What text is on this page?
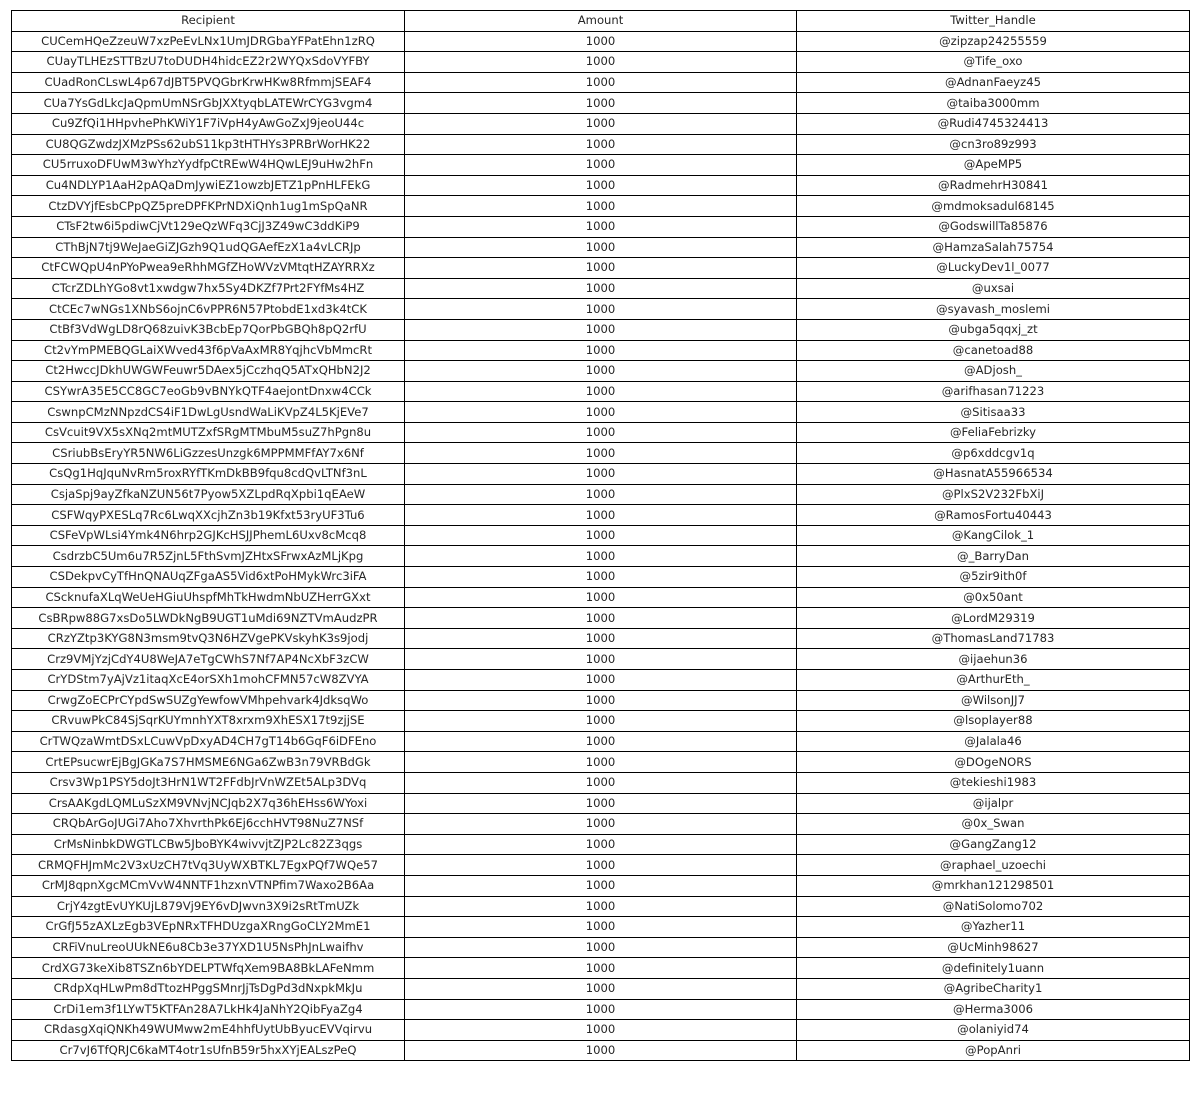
Recipient	Amount	Twitter_Handle
CUCemHQeZzeuW7xzPeEvLNx1UmJDRGbaYFPatEhn1zRQ	1000	@zipzap24255559
CUayTLHEzSTTBzU7toDUDH4hidcEZ2r2WYQxSdoVYFBY	1000	@Tife_oxo
CUadRonCLswL4p67dJBT5PVQGbrKrwHKw8RfmmjSEAF4	1000	@AdnanFaeyz45
CUa7YsGdLkcJaQpmUmNSrGbJXXtyqbLATEWrCYG3vgm4	1000	@taiba3000mm
Cu9ZfQi1HHpvhePhKWiY1F7iVpH4yAwGoZxJ9jeoU44c	1000	@Rudi4745324413
CU8QGZwdzJXMzPSs62ubS11kp3tHTHYs3PRBrWorHK22	1000	@cn3ro89z993
CU5rruxoDFUwM3wYhzYydfpCtREwW4HQwLEJ9uHw2hFn	1000	@ApeMP5
Cu4NDLYP1AaH2pAQaDmJywiEZ1owzbJETZ1pPnHLFEkG	1000	@RadmehrH30841
CtzDVYjfEsbCPpQZ5preDPFKPrNDXiQnh1ug1mSpQaNR	1000	@mdmoksadul68145
CTsF2tw6i5pdiwCjVt129eQzWFq3CjJ3Z49wC3ddKiP9	1000	@GodswillTa85876
CThBjN7tj9WeJaeGiZJGzh9Q1udQGAefEzX1a4vLCRJp	1000	@HamzaSalah75754
CtFCWQpU4nPYoPwea9eRhhMGfZHoWVzVMtqtHZAYRRXz	1000	@LuckyDev1l_0077
CTcrZDLhYGo8vt1xwdgw7hx5Sy4DKZf7Prt2FYfMs4HZ	1000	@uxsai
CtCEc7wNGs1XNbS6ojnC6vPPR6N57PtobdE1xd3k4tCK	1000	@syavash_moslemi
CtBf3VdWgLD8rQ68zuivK3BcbEp7QorPbGBQh8pQ2rfU	1000	@ubga5qqxj_zt
Ct2vYmPMEBQGLaiXWved43f6pVaAxMR8YqjhcVbMmcRt	1000	@canetoad88
Ct2HwccJDkhUWGWFeuwr5DAex5jCczhqQ5ATxQHbN2J2	1000	@ADjosh_
CSYwrA35E5CC8GC7eoGb9vBNYkQTF4aejontDnxw4CCk	1000	@arifhasan71223
CswnpCMzNNpzdCS4iF1DwLgUsndWaLiKVpZ4L5KjEVe7	1000	@Sitisaa33
CsVcuit9VX5sXNq2mtMUTZxfSRgMTMbuM5suZ7hPgn8u	1000	@FeliaFebrizky
CSriubBsEryYR5NW6LiGzzesUnzgk6MPPMMFfAY7x6Nf	1000	@p6xddcgv1q
CsQg1HqJquNvRm5roxRYfTKmDkBB9fqu8cdQvLTNf3nL	1000	@HasnatA55966534
CsjaSpj9ayZfkaNZUN56t7Pyow5XZLpdRqXpbi1qEAeW	1000	@PlxS2V232FbXiJ
CSFWqyPXESLq7Rc6LwqXXcjhZn3b19Kfxt53ryUF3Tu6	1000	@RamosFortu40443
CSFeVpWLsi4Ymk4N6hrp2GJKcHSJJPhemL6Uxv8cMcq8	1000	@KangCilok_1
CsdrzbC5Um6u7R5ZjnL5FthSvmJZHtxSFrwxAzMLjKpg	1000	@_BarryDan
CSDekpvCyTfHnQNAUqZFgaAS5Vid6xtPoHMykWrc3iFA	1000	@5zir9ith0f
CScknufaXLqWeUeHGiuUhspfMhTkHwdmNbUZHerrGXxt	1000	@0x50ant
CsBRpw88G7xsDo5LWDkNgB9UGT1uMdi69NZTVmAudzPR	1000	@LordM29319
CRzYZtp3KYG8N3msm9tvQ3N6HZVgePKVskyhK3s9jodj	1000	@ThomasLand71783
Crz9VMjYzjCdY4U8WeJA7eTgCWhS7Nf7AP4NcXbF3zCW	1000	@ijaehun36
CrYDStm7yAjVz1itaqXcE4orSXh1mohCFMN57cW8ZVYA	1000	@ArthurEth_
CrwgZoECPrCYpdSwSUZgYewfowVMhpehvark4JdksqWo	1000	@WilsonJJ7
CRvuwPkC84SjSqrKUYmnhYXT8xrxm9XhESX17t9zjjSE	1000	@lsoplayer88
CrTWQzaWmtDSxLCuwVpDxyAD4CH7gT14b6GqF6iDFEno	1000	@Jalala46
CrtEPsucwrEjBgJGKa7S7HMSME6NGa6ZwB3n79VRBdGk	1000	@DOgeNORS
Crsv3Wp1PSY5doJt3HrN1WT2FFdbJrVnWZEt5ALp3DVq	1000	@tekieshi1983
CrsAAKgdLQMLuSzXM9VNvjNCJqb2X7q36hEHss6WYoxi	1000	@ijalpr
CRQbArGoJUGi7Aho7XhvrthPk6Ej6cchHVT98NuZ7NSf	1000	@0x_Swan
CrMsNinbkDWGTLCBw5JboBYK4wivvjtZJP2Lc82Z3qgs	1000	@GangZang12
CRMQFHJmMc2V3xUzCH7tVq3UyWXBTKL7EgxPQf7WQe57	1000	@raphael_uzoechi
CrMJ8qpnXgcMCmVvW4NNTF1hzxnVTNPfim7Waxo2B6Aa	1000	@mrkhan121298501
CrjY4zgtEvUYKUjL879Vj9EY6vDJwvn3X9i2sRtTmUZk	1000	@NatiSolomo702
CrGfJ55zAXLzEgb3VEpNRxTFHDUzgaXRngGoCLY2MmE1	1000	@Yazher11
CRFiVnuLreoUUkNE6u8Cb3e37YXD1U5NsPhJnLwaifhv	1000	@UcMinh98627
CrdXG73keXib8TSZn6bYDELPTWfqXem9BA8BkLAFeNmm	1000	@definitely1uann
CRdpXqHLwPm8dTtozHPggSMnrJjTsDgPd3dNxpkMkJu	1000	@AgribeCharity1
CrDi1em3f1LYwT5KTFAn28A7LkHk4JaNhY2QibFyaZg4	1000	@Herma3006
CRdasgXqiQNKh49WUMww2mE4hhfUytUbByucEVVqirvu	1000	@olaniyid74
Cr7vJ6TfQRJC6kaMT4otr1sUfnB59r5hxXYjEALszPeQ	1000	@PopAnri
